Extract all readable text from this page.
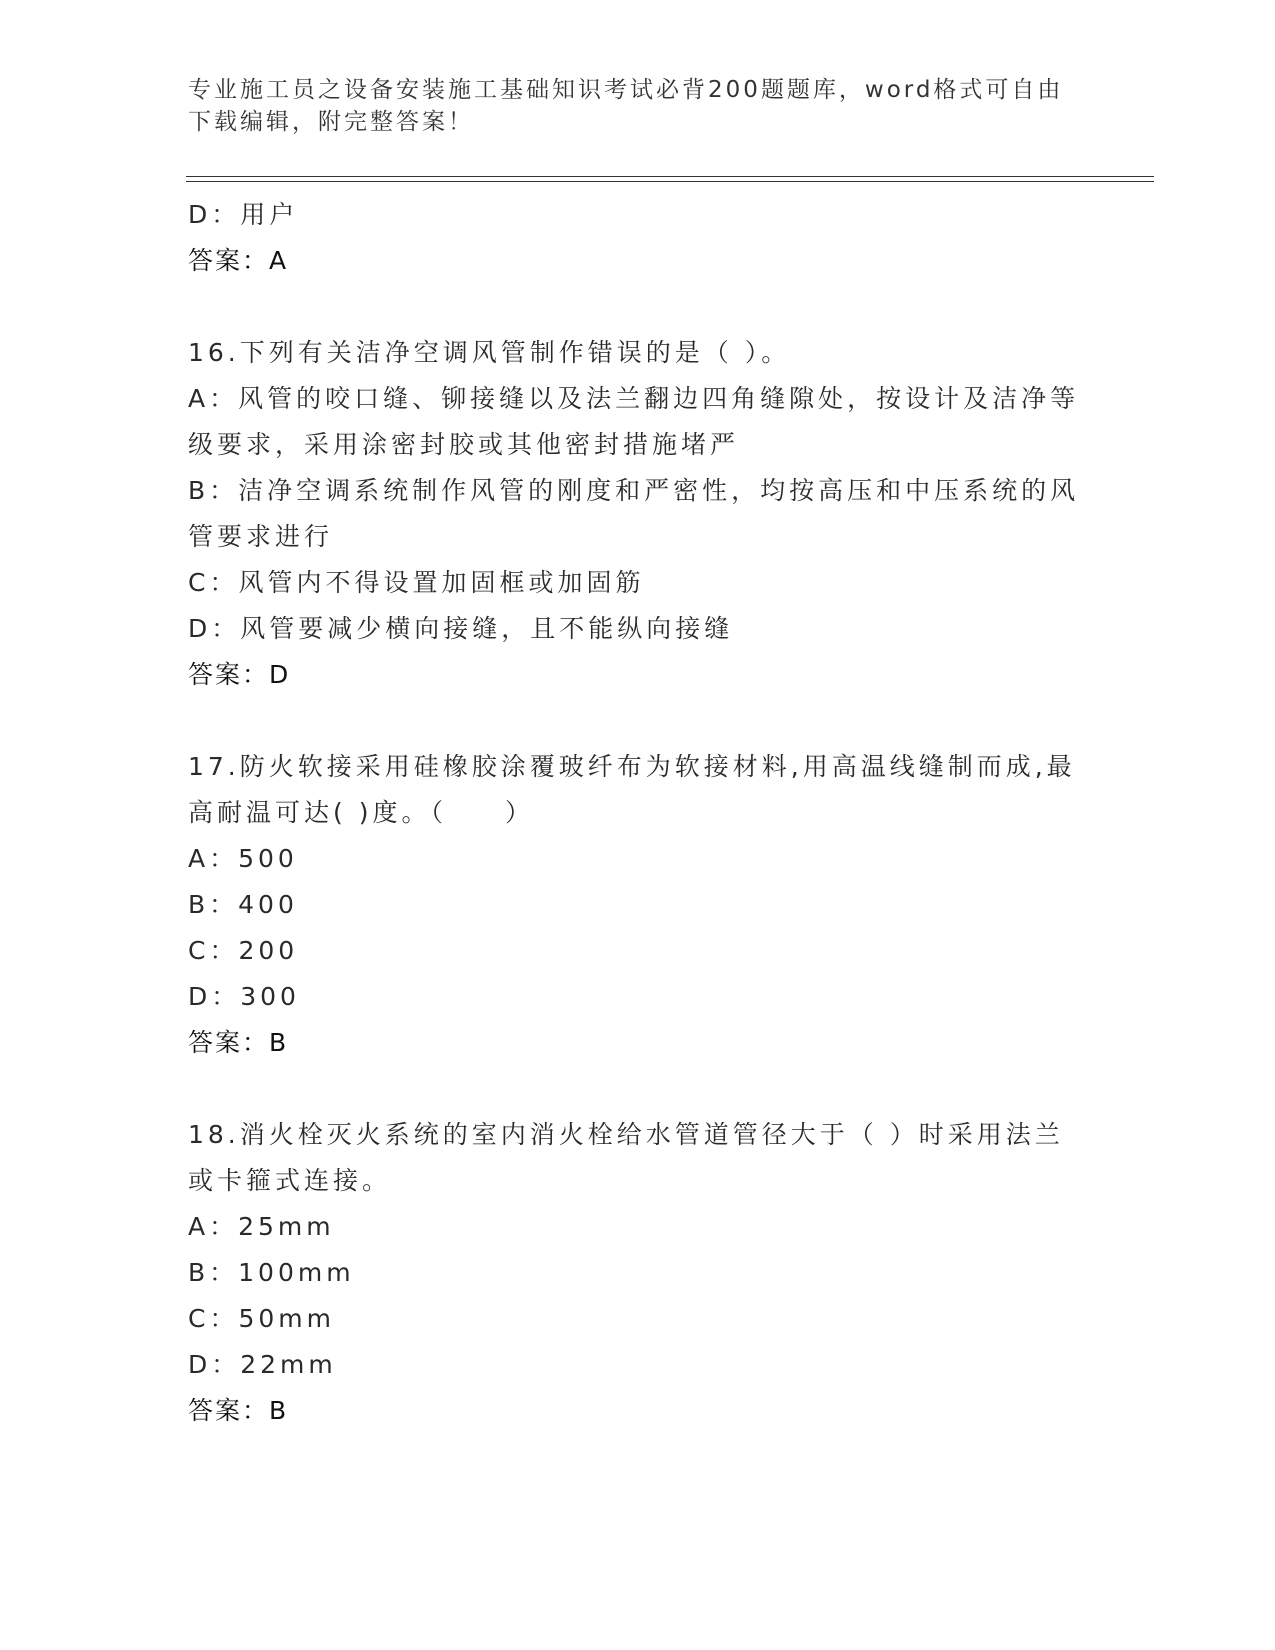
专业施工员之设备安装施工基础知识考试必背200题题库，word格式可自由下载编辑，附完整答案！
D：用户
答案：A
16.下列有关洁净空调风管制作错误的是（ ）。
A：风管的咬口缝、铆接缝以及法兰翻边四角缝隙处，按设计及洁净等级要求，采用涂密封胶或其他密封措施堵严
B：洁净空调系统制作风管的刚度和严密性，均按高压和中压系统的风管要求进行
C：风管内不得设置加固框或加固筋
D：风管要减少横向接缝，且不能纵向接缝
答案：D
17.防火软接采用硅橡胶涂覆玻纤布为软接材料,用高温线缝制而成,最高耐温可达( )度。（　　）
A：500
B：400
C：200
D：300
答案：B
18.消火栓灭火系统的室内消火栓给水管道管径大于（ ）时采用法兰或卡箍式连接。
A：25mm
B：100mm
C：50mm
D：22mm
答案：B
